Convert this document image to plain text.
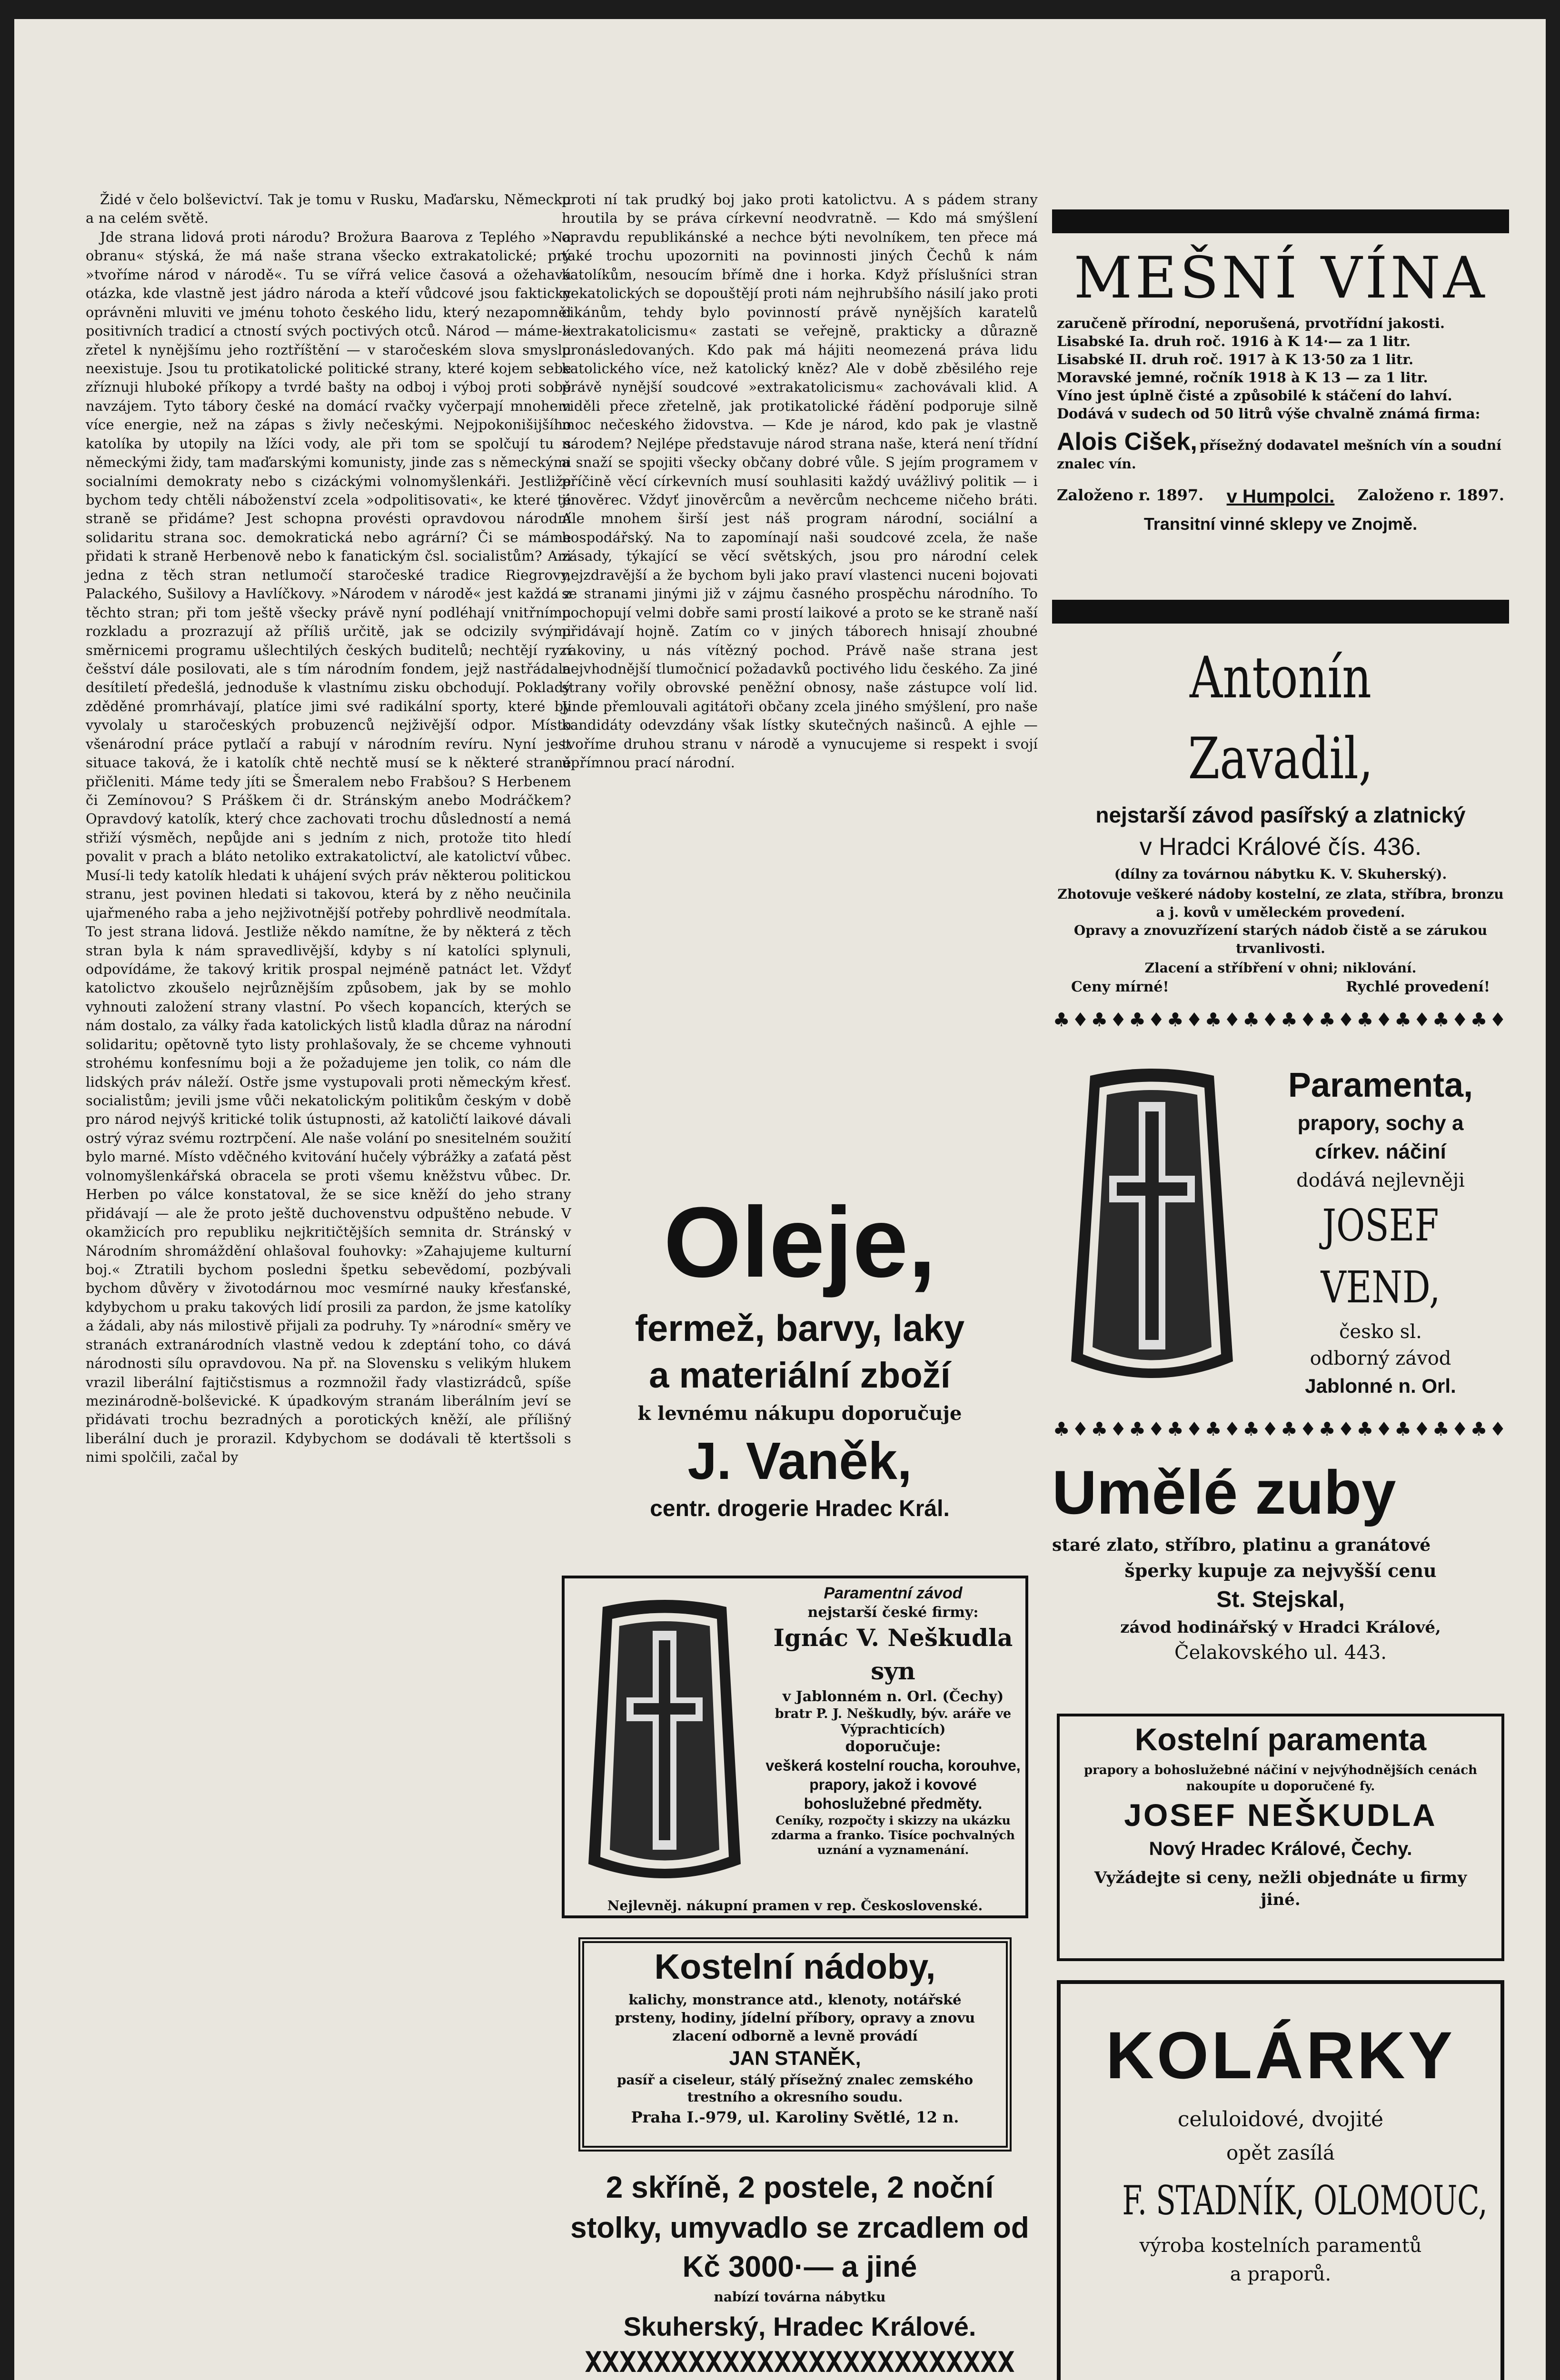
Židé v čelo bolševictví. Tak je tomu v Rusku, Maďarsku, Německu a na celém světě.

Jde strana lidová proti národu? Brožura Baarova z Teplého »Na obranu« stýská, že má naše strana všecko extrakatolické; prý »tvoříme národ v národě«. Tu se vířrá velice časová a ožehavá otázka, kde vlastně jest jádro národa a kteří vůdcové jsou fakticky oprávněni mluviti ve jménu tohoto českého lidu, který nezapomněl positivních tradicí a ctností svých poctivých otců. Národ — máme-li zřetel k nynějšímu jeho roztříštění — v staročeském slova smyslu neexistuje. Jsou tu protikatolické politické strany, které kojem sebe zříznuji hluboké příkopy a tvrdé bašty na odboj i výboj proti sobě navzájem. Tyto tábory české na domácí rvačky vyčerpají mnohem více energie, než na zápas s živly nečeskými. Nejpokonišijšího katolíka by utopily na lžíci vody, ale při tom se spolčují tu s německými židy, tam maďarskými komunisty, jinde zas s německými socialními demokraty nebo s cizáckými volnomyšlenkáři. Jestliže bychom tedy chtěli náboženství zcela »odpolitisovati«, ke které té straně se přidáme? Jest schopna provésti opravdovou národní solidaritu strana soc. demokratická nebo agrární? Či se máme přidati k straně Herbenově nebo k fanatickým čsl. socialistům? Ani jedna z těch stran netlumočí staročeské tradice Riegrovy, Palackého, Sušilovy a Havlíčkovy. »Národem v národě« jest každá z těchto stran; při tom ještě všecky právě nyní podléhají vnitřnímu rozkladu a prozrazují až příliš určitě, jak se odcizily svými směrnicemi programu ušlechtilých českých buditelů; nechtějí ryzí češství dále posilovati, ale s tím národním fondem, jejž nastřádala desítiletí předešlá, jednoduše k vlastnímu zisku obchodují. Pokladý zděděné promrhávají, platíce jimi své radikální sporty, které by vyvolaly u staročeských probuzenců nejživější odpor. Místo všenárodní práce pytlačí a rabují v národním revíru. Nyní jest situace taková, že i katolík chtě nechtě musí se k některé straně přičleniti. Máme tedy jíti se Šmeralem nebo Frabšou? S Herbenem či Zemínovou? S Práškem či dr. Stránským anebo Modráčkem? Opravdový katolík, který chce zachovati trochu důsledností a nemá střiží výsměch, nepůjde ani s jedním z nich, protože tito hledí povalit v prach a bláto netoliko extrakatolictví, ale katolictví vůbec. Musí-li tedy katolík hledati k uhájení svých práv některou politickou stranu, jest povinen hledati si takovou, která by z něho neučinila ujařmeného raba a jeho nejživotnější potřeby pohrdlivě neodmítala. To jest strana lidová. Jestliže někdo namítne, že by některá z těch stran byla k nám spravedlivější, kdyby s ní katolíci splynuli, odpovídáme, že takový kritik prospal nejméně patnáct let. Vždyť katolictvo zkoušelo nejrůznějším způsobem, jak by se mohlo vyhnouti založení strany vlastní. Po všech kopancích, kterých se nám dostalo, za války řada katolických listů kladla důraz na národní solidaritu; opětovně tyto listy prohlašovaly, že se chceme vyhnouti strohému konfesnímu boji a že požadujeme jen tolik, co nám dle lidských práv náleží. Ostře jsme vystupovali proti německým křesť. socialistům; jevili jsme vůči nekatolickým politikům českým v době pro národ nejvýš kritické tolik ústupnosti, až katoličtí laikové dávali ostrý výraz svému roztrpčení. Ale naše volání po snesitelném soužití bylo marné. Místo vděčného kvitování hučely výbrážky a zaťatá pěst volnomyšlenkářská obracela se proti všemu kněžstvu vůbec. Dr. Herben po válce konstatoval, že se sice kněží do jeho strany přidávají — ale že proto ještě duchovenstvu odpuštěno nebude. V okamžicích pro republiku nejkritičtějších semnita dr. Stránský v Národním shromáždění ohlašoval fouhovky: »Zahajujeme kulturní boj.« Ztratili bychom posledni špetku sebevědomí, pozbývali bychom důvěry v životodárnou moc vesmírné nauky křesťanské, kdybychom u praku takových lidí prosili za pardon, že jsme katolíky a žádali, aby nás milostivě přijali za podruhy. Ty »národní« směry ve stranách extranárodních vlastně vedou k zdeptání toho, co dává národnosti sílu opravdovou. Na př. na Slovensku s velikým hlukem vrazil liberální fajtičstismus a rozmnožil řady vlastizrádců, spíše mezinárodně-bolševické. K úpadkovým stranám liberálním jeví se přidávati trochu bezradných a porotických kněží, ale přílišný liberální duch je prorazil. Kdybychom se dodávali tě ktertšsoli s nimi spolčili, začal by

proti ní tak prudký boj jako proti katolictvu. A s pádem strany hroutila by se práva církevní neodvratně. — Kdo má smýšlení opravdu republikánské a nechce býti nevolníkem, ten přece má také trochu upozorniti na povinnosti jiných Čechů k nám katolíkům, nesoucím břímě dne i horka. Když příslušníci stran nekatolických se dopouštějí proti nám nejhrubšího násilí jako proti cikánům, tehdy bylo povinností právě nynějších karatelů »extrakatolicismu« zastati se veřejně, prakticky a důrazně pronásledovaných. Kdo pak má hájiti neomezená práva lidu katolického více, než katolický kněz? Ale v době zběsilého reje právě nynější soudcové »extrakatolicismu« zachovávali klid. A viděli přece zřetelně, jak protikatolické řádění podporuje silně moc nečeského židovstva. — Kde je národ, kdo pak je vlastně národem? Nejlépe představuje národ strana naše, která není třídní a snaží se spojiti všecky občany dobré vůle. S jejím programem v příčině věcí církevních musí souhlasiti každý uvážlivý politik — i jinověrec. Vždyť jinověrcům a nevěrcům nechceme ničeho bráti. Ale mnohem širší jest náš program národní, sociální a hospodářský. Na to zapomínají naši soudcové zcela, že naše zásady, týkající se věcí světských, jsou pro národní celek nejzdravější a že bychom byli jako praví vlastenci nuceni bojovati se stranami jinými již v zájmu časného prospěchu národního. To pochopují velmi dobře sami prostí laikové a proto se ke straně naší přidávají hojně. Zatím co v jiných táborech hnisají zhoubné rakoviny, u nás vítězný pochod. Právě naše strana jest nejvhodnější tlumočnicí požadavků poctivého lidu českého. Za jiné strany vořily obrovské peněžní obnosy, naše zástupce volí lid. Jinde přemlouvali agitátoři občany zcela jiného smýšlení, pro naše kandidáty odevzdány však lístky skutečných našinců. A ejhle — tvoříme druhou stranu v národě a vynucujeme si respekt i svojí upřímnou prací národní.

Oleje,
fermež, barvy, laky
a materiální zboží
k levnému nákupu doporučuje
J. Vaněk,
centr. drogerie Hradec Král.
Paramentní závod
nejstarší české firmy:
Ignác V. Neškudla syn
v Jablonném n. Orl. (Čechy)
bratr P. J. Neškudly, býv. aráře ve Výprachticích)
doporučuje:
veškerá kostelní roucha, korouhve, prapory, jakož i kovové bohoslužebné předměty.
Ceníky, rozpočty i skizzy na ukázku zdarma a franko. Tisíce pochvalných uznání a vyznamenání.
Nejlevněj. nákupní pramen v rep. Československé.
Kostelní nádoby,
kalichy, monstrance atd., klenoty, notářské prsteny, hodiny, jídelní příbory, opravy a znovu zlacení odborně a levně provádí
JAN STANĚK,
pasíř a ciseleur, stálý přísežný znalec zemského trestního a okresního soudu.
Praha I.-979, ul. Karoliny Světlé, 12 n.
2 skříně, 2 postele, 2 noční
stolky, umyvadlo se zrcadlem od Kč 3000·— a jiné
nabízí továrna nábytku
Skuherský, Hradec Králové.
XXXXXXXXXXXXXXXXXXXXXXXXX
MEŠNÍ VÍNA
zaručeně přírodní, neporušená, prvotřídní jakosti.
Lisabské Ia. druh roč. 1916 à K 14·— za 1 litr.
Lisabské II. druh roč. 1917 à K 13·50 za 1 litr.
Moravské jemné, ročník 1918 à K 13 — za 1 litr.
Víno jest úplně čisté a způsobilé k stáčení do lahví.
Dodává v sudech od 50 litrů výše chvalně známá firma:
Alois Cišek, přísežný dodavatel mešních vín a soudní znalec vín.
Založeno r. 1897. v Humpolci. Založeno r. 1897.
Transitní vinné sklepy ve Znojmě.
Antonín Zavadil,
nejstarší závod pasířský a zlatnický
v Hradci Králové čís. 436.
(dílny za továrnou nábytku K. V. Skuherský).
Zhotovuje veškeré nádoby kostelní, ze zlata, stříbra, bronzu a j. kovů v uměleckém provedení.
Opravy a znovuzřízení starých nádob čistě a se zárukou trvanlivosti.
Zlacení a stříbření v ohni; niklování.
Ceny mírné!	Rychlé provedení!
♣♦♣♦♣♦♣♦♣♦♣♦♣♦♣♦♣♦♣♦♣♦♣♦
Paramenta,
prapory, sochy a církev. náčiní
dodává nejlevněji
JOSEF VEND,
česko sl.
odborný závod
Jablonné n. Orl.
♣♦♣♦♣♦♣♦♣♦♣♦♣♦♣♦♣♦♣♦♣♦♣♦
Umělé zuby
staré zlato, stříbro, platinu a granátové
šperky kupuje za nejvyšší cenu
St. Stejskal,
závod hodinářský v Hradci Králové,
Čelakovského ul. 443.
Kostelní paramenta
prapory a bohoslužebné náčiní v nejvýhodnějších cenách nakoupíte u doporučené fy.
JOSEF NEŠKUDLA
Nový Hradec Králové, Čechy.
Vyžádejte si ceny, nežli objednáte u firmy jiné.
KOLÁRKY
celuloidové, dvojité
opět zasílá
F. STADNÍK, OLOMOUC,
výroba kostelních paramentů
a praporů.
